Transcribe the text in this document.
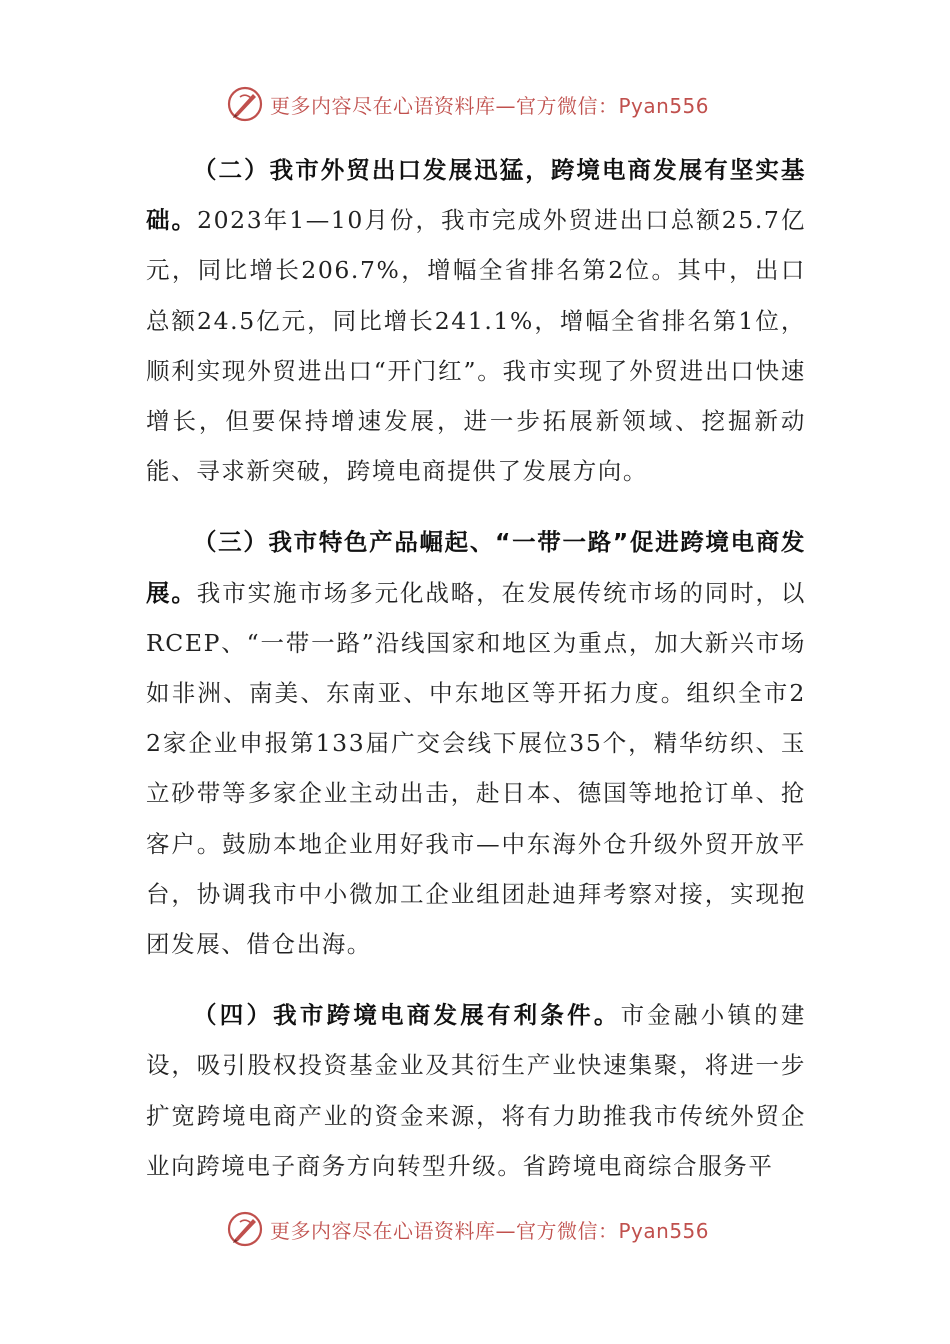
更多内容尽在心语资料库—官方微信：Pyan556

（二）我市外贸出口发展迅猛，跨境电商发展有坚实基础。2023年1—10月份，我市完成外贸进出口总额25.7亿元，同比增长206.7%，增幅全省排名第2位。其中，出口总额24.5亿元，同比增长241.1%，增幅全省排名第1位，顺利实现外贸进出口“开门红”。我市实现了外贸进出口快速增长，但要保持增速发展，进一步拓展新领域、挖掘新动能、寻求新突破，跨境电商提供了发展方向。

（三）我市特色产品崛起、“一带一路”促进跨境电商发展。我市实施市场多元化战略，在发展传统市场的同时，以RCEP、“一带一路”沿线国家和地区为重点，加大新兴市场如非洲、南美、东南亚、中东地区等开拓力度。组织全市22家企业申报第133届广交会线下展位35个，精华纺织、玉立砂带等多家企业主动出击，赴日本、德国等地抢订单、抢客户。鼓励本地企业用好我市—中东海外仓升级外贸开放平台，协调我市中小微加工企业组团赴迪拜考察对接，实现抱团发展、借仓出海。

（四）我市跨境电商发展有利条件。市金融小镇的建设，吸引股权投资基金业及其衍生产业快速集聚，将进一步扩宽跨境电商产业的资金来源，将有力助推我市传统外贸企业向跨境电子商务方向转型升级。省跨境电商综合服务平

更多内容尽在心语资料库—官方微信：Pyan556
